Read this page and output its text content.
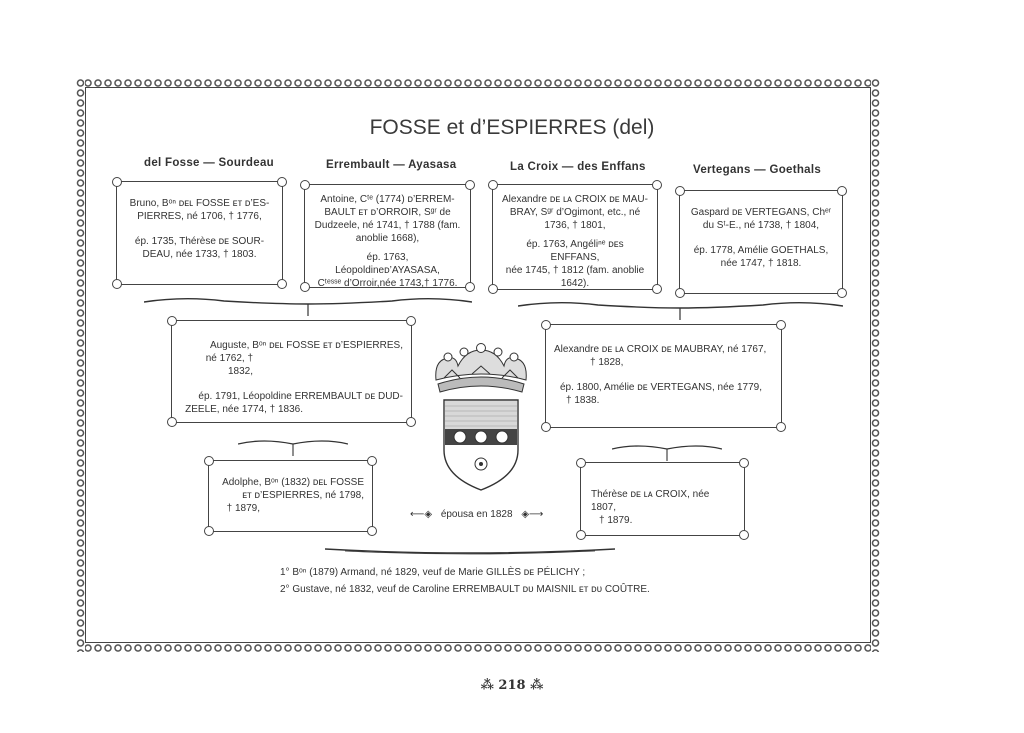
FOSSE et d’ESPIERRES (del)
del Fosse — Sourdeau	Errembault — Ayasasa	La Croix — des Enffans	Vertegans — Goethals

Bruno, Bᵒⁿ ᴅᴇʟ FOSSE ᴇᴛ ᴅ’ES-

PIERRES, né 1706, † 1776,

ép. 1735, Thérèse ᴅᴇ SOUR-

DEAU, née 1733, † 1803.

Antoine, Cᵗᵉ (1774) ᴅ’ERREM-

BAULT ᴇᴛ ᴅ’ORROIR, Sᵍʳ de

Dudzeele, né 1741, † 1788 (fam.

anoblie 1668),

ép. 1763, Léopoldineᴅ’AYASASA,

Cᵗᵉˢˢᵉ d’Orroir,née 1743,† 1776.

Alexandre ᴅᴇ ʟᴀ CROIX ᴅᴇ MAU-

BRAY, Sᵍʳ d’Ogimont, etc., né

1736, † 1801,

ép. 1763, Angéliⁿᵉ ᴅᴇs ENFFANS,

née 1745, † 1812 (fam. anoblie

1642).

Gaspard ᴅᴇ VERTEGANS, Chᵉʳ

du Sᵗ-E., né 1738, † 1804,

ép. 1778, Amélie GOETHALS,

née 1747, † 1818.

Auguste, Bᵒⁿ ᴅᴇʟ FOSSE ᴇᴛ ᴅ’ESPIERRES,

né 1762, † 1832,

ép. 1791, Léopoldine ERREMBAULT ᴅᴇ DUD-

ZEELE, née 1774, † 1836.

Alexandre ᴅᴇ ʟᴀ CROIX ᴅᴇ MAUBRAY, né 1767,

† 1828,

ép. 1800, Amélie ᴅᴇ VERTEGANS, née 1779,

† 1838.

Adolphe, Bᵒⁿ (1832) ᴅᴇʟ FOSSE

ᴇᴛ ᴅ’ESPIERRES, né 1798,

† 1879,

Thérèse ᴅᴇ ʟᴀ CROIX, née 1807,

† 1879.

⟵◈ épousa en 1828 ◈⟶
1° Bᵒⁿ (1879) Armand, né 1829, veuf de Marie GILLÈS ᴅᴇ PÉLICHY ;
2° Gustave, né 1832, veuf de Caroline ERREMBAULT ᴅᴜ MAISNIL ᴇᴛ ᴅᴜ COÛTRE.
⁂ 218 ⁂
